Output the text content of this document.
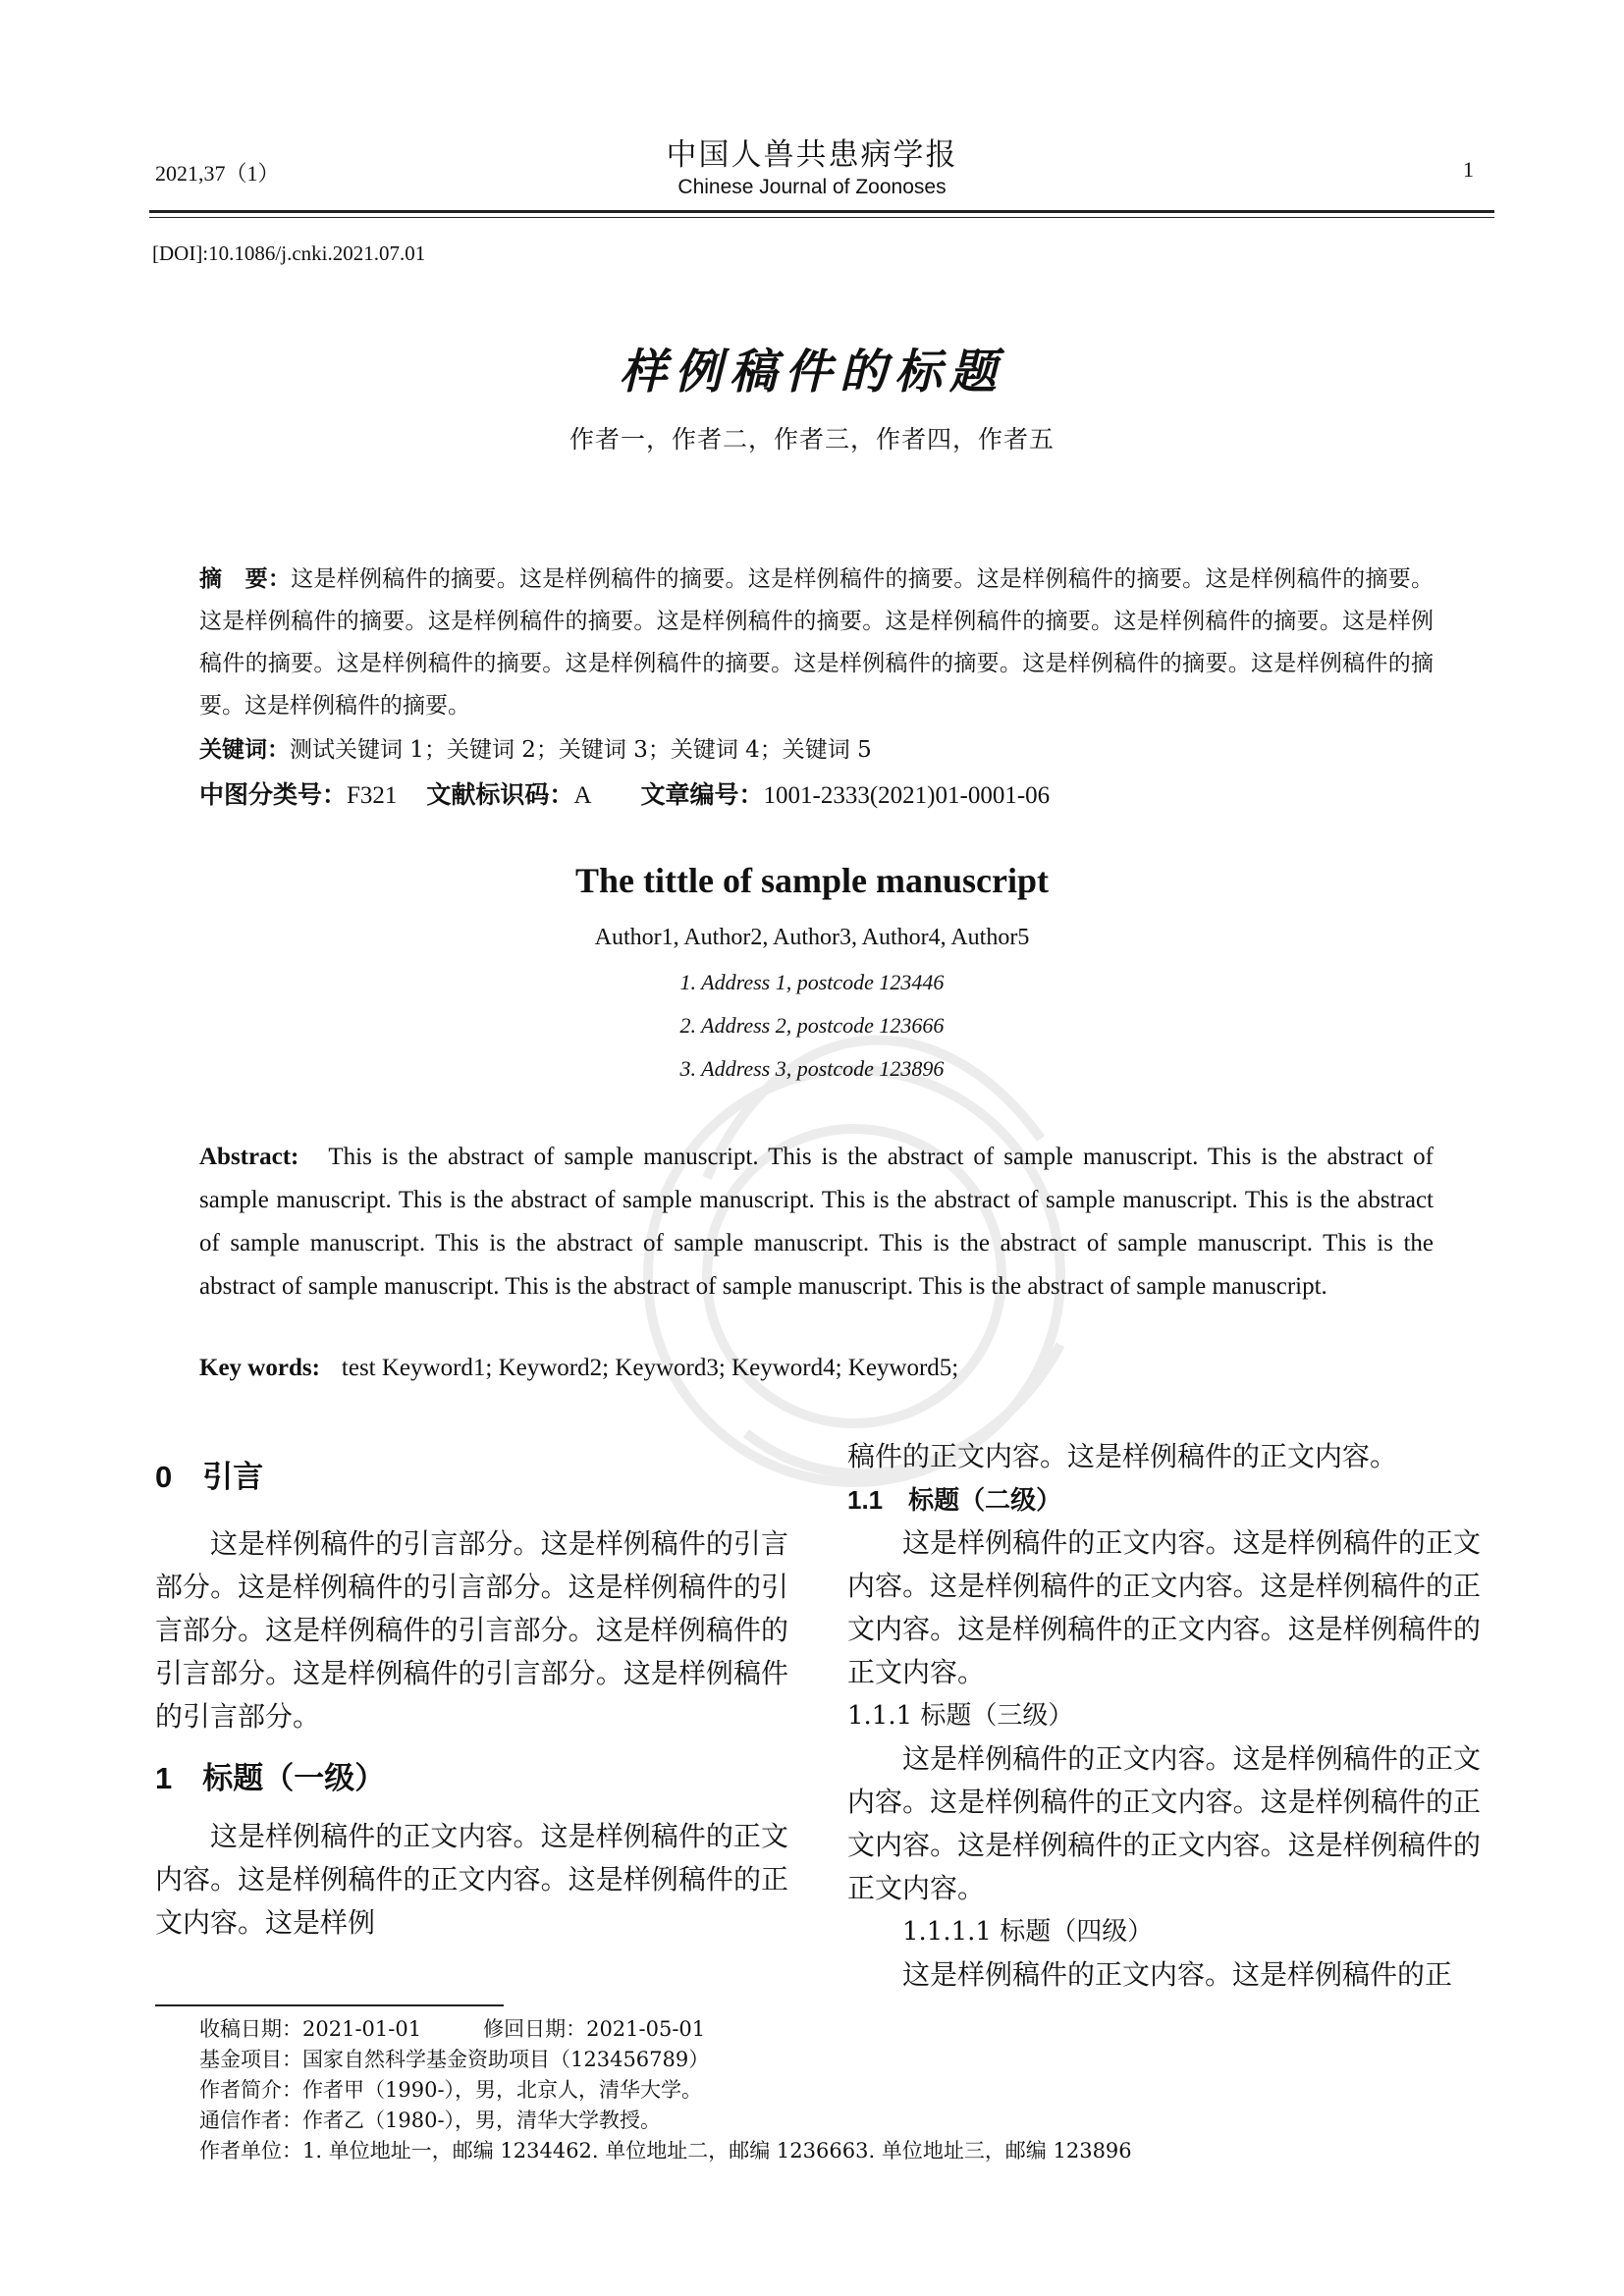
2021,37（1）
中国人兽共患病学报
Chinese Journal of Zoonoses
1
[DOI]:10.1086/j.cnki.2021.07.01
样例稿件的标题
作者一，作者二，作者三，作者四，作者五
摘　要：这是样例稿件的摘要。这是样例稿件的摘要。这是样例稿件的摘要。这是样例稿件的摘要。这是样例稿件的摘要。这是样例稿件的摘要。这是样例稿件的摘要。这是样例稿件的摘要。这是样例稿件的摘要。这是样例稿件的摘要。这是样例稿件的摘要。这是样例稿件的摘要。这是样例稿件的摘要。这是样例稿件的摘要。这是样例稿件的摘要。这是样例稿件的摘要。这是样例稿件的摘要。
关键词：测试关键词 1；关键词 2；关键词 3；关键词 4；关键词 5
中图分类号：F321 文献标识码：A 文章编号：1001-2333(2021)01-0001-06
The tittle of sample manuscript
Author1, Author2, Author3, Author4, Author5
1. Address 1, postcode 123446
2. Address 2, postcode 123666
3. Address 3, postcode 123896
Abstract: This is the abstract of sample manuscript. This is the abstract of sample manuscript. This is the abstract of sample manuscript. This is the abstract of sample manuscript. This is the abstract of sample manuscript. This is the abstract of sample manuscript. This is the abstract of sample manuscript. This is the abstract of sample manuscript. This is the abstract of sample manuscript. This is the abstract of sample manuscript. This is the abstract of sample manuscript.
Key words: test Keyword1; Keyword2; Keyword3; Keyword4; Keyword5;
0　引言

这是样例稿件的引言部分。这是样例稿件的引言部分。这是样例稿件的引言部分。这是样例稿件的引言部分。这是样例稿件的引言部分。这是样例稿件的引言部分。这是样例稿件的引言部分。这是样例稿件的引言部分。

1　标题（一级）

这是样例稿件的正文内容。这是样例稿件的正文内容。这是样例稿件的正文内容。这是样例稿件的正文内容。这是样例

稿件的正文内容。这是样例稿件的正文内容。

1.1　标题（二级）

这是样例稿件的正文内容。这是样例稿件的正文内容。这是样例稿件的正文内容。这是样例稿件的正文内容。这是样例稿件的正文内容。这是样例稿件的正文内容。

1.1.1 标题（三级）

这是样例稿件的正文内容。这是样例稿件的正文内容。这是样例稿件的正文内容。这是样例稿件的正文内容。这是样例稿件的正文内容。这是样例稿件的正文内容。

1.1.1.1 标题（四级）

这是样例稿件的正文内容。这是样例稿件的正

收稿日期：2021-01-01　　　修回日期：2021-05-01
基金项目：国家自然科学基金资助项目（123456789）
作者简介：作者甲（1990-），男，北京人，清华大学。
通信作者：作者乙（1980-），男，清华大学教授。
作者单位：1. 单位地址一，邮编 1234462. 单位地址二，邮编 1236663. 单位地址三，邮编 123896
